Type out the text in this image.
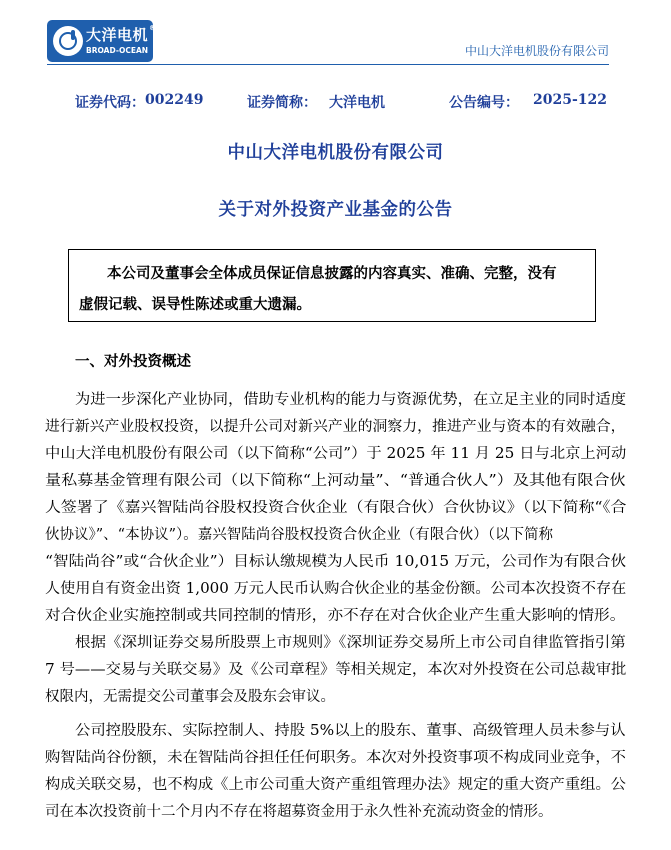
大洋电机®
BROAD-OCEAN	中山大洋电机股份有限公司
证券代码： 002249	证券简称： 大洋电机	公告编号： 2025-122
中山大洋电机股份有限公司
关于对外投资产业基金的公告

本公司及董事会全体成员保证信息披露的内容真实、准确、完整，没有

虚假记载、误导性陈述或重大遗漏。

一、对外投资概述
为进一步深化产业协同，借助专业机构的能力与资源优势，在立足主业的同时适度
进行新兴产业股权投资，以提升公司对新兴产业的洞察力，推进产业与资本的有效融合，
中山大洋电机股份有限公司（以下简称“公司”）于 2025 年 11 月 25 日与北京上河动
量私募基金管理有限公司（以下简称“上河动量”、“普通合伙人”）及其他有限合伙
人签署了《嘉兴智陆尚谷股权投资合伙企业（有限合伙）合伙协议》（以下简称“《合
伙协议》”、“本协议”）。嘉兴智陆尚谷股权投资合伙企业（有限合伙）（以下简称
“智陆尚谷”或“合伙企业”）目标认缴规模为人民币 10,015 万元，公司作为有限合伙
人使用自有资金出资 1,000 万元人民币认购合伙企业的基金份额。公司本次投资不存在
对合伙企业实施控制或共同控制的情形，亦不存在对合伙企业产生重大影响的情形。
根据《深圳证券交易所股票上市规则》《深圳证券交易所上市公司自律监管指引第
7 号——交易与关联交易》及《公司章程》等相关规定，本次对外投资在公司总裁审批
权限内，无需提交公司董事会及股东会审议。
公司控股股东、实际控制人、持股 5%以上的股东、董事、高级管理人员未参与认
购智陆尚谷份额，未在智陆尚谷担任任何职务。本次对外投资事项不构成同业竞争，不
构成关联交易，也不构成《上市公司重大资产重组管理办法》规定的重大资产重组。公
司在本次投资前十二个月内不存在将超募资金用于永久性补充流动资金的情形。
